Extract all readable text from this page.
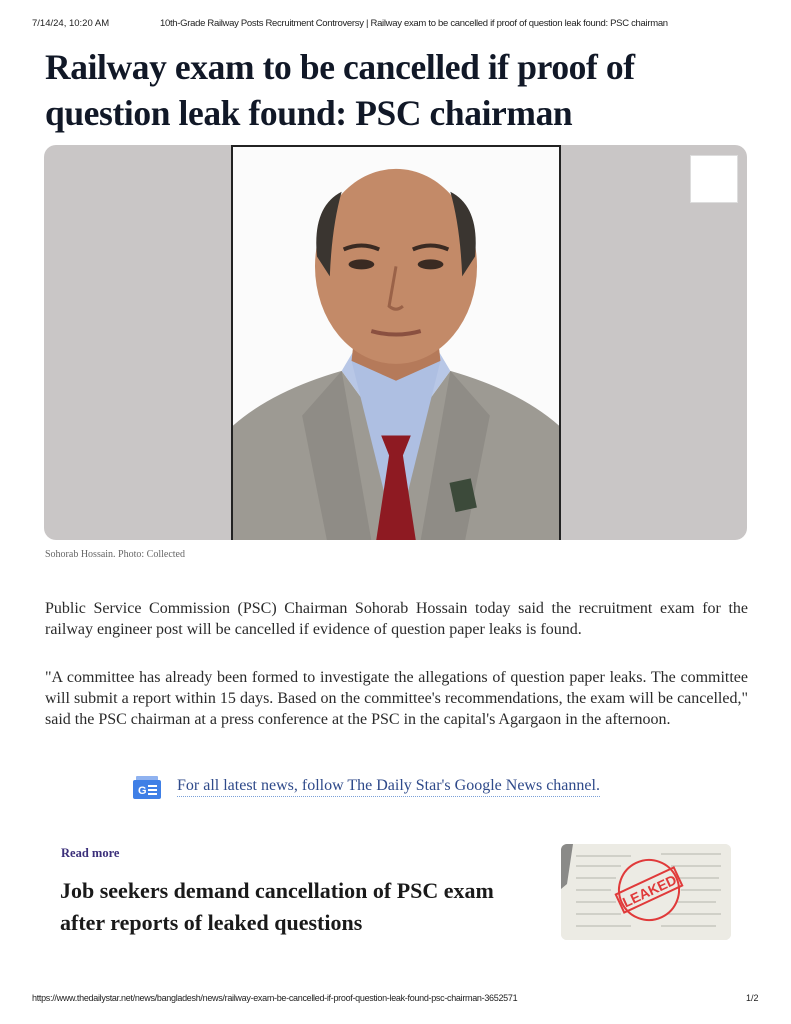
7/14/24, 10:20 AM	10th-Grade Railway Posts Recruitment Controversy | Railway exam to be cancelled if proof of question leak found: PSC chairman
Railway exam to be cancelled if proof of question leak found: PSC chairman
Sohorab Hossain. Photo: Collected

Public Service Commission (PSC) Chairman Sohorab Hossain today said the recruitment exam for the railway engineer post will be cancelled if evidence of question paper leaks is found.

"A committee has already been formed to investigate the allegations of question paper leaks. The committee will submit a report within 15 days. Based on the committee's recommendations, the exam will be cancelled," said the PSC chairman at a press conference at the PSC in the capital's Agargaon in the afternoon.

G For all latest news, follow The Daily Star's Google News channel.
Read more
Job seekers demand cancellation of PSC exam after reports of leaked questions
LEAKED
https://www.thedailystar.net/news/bangladesh/news/railway-exam-be-cancelled-if-proof-question-leak-found-psc-chairman-3652571	1/2
